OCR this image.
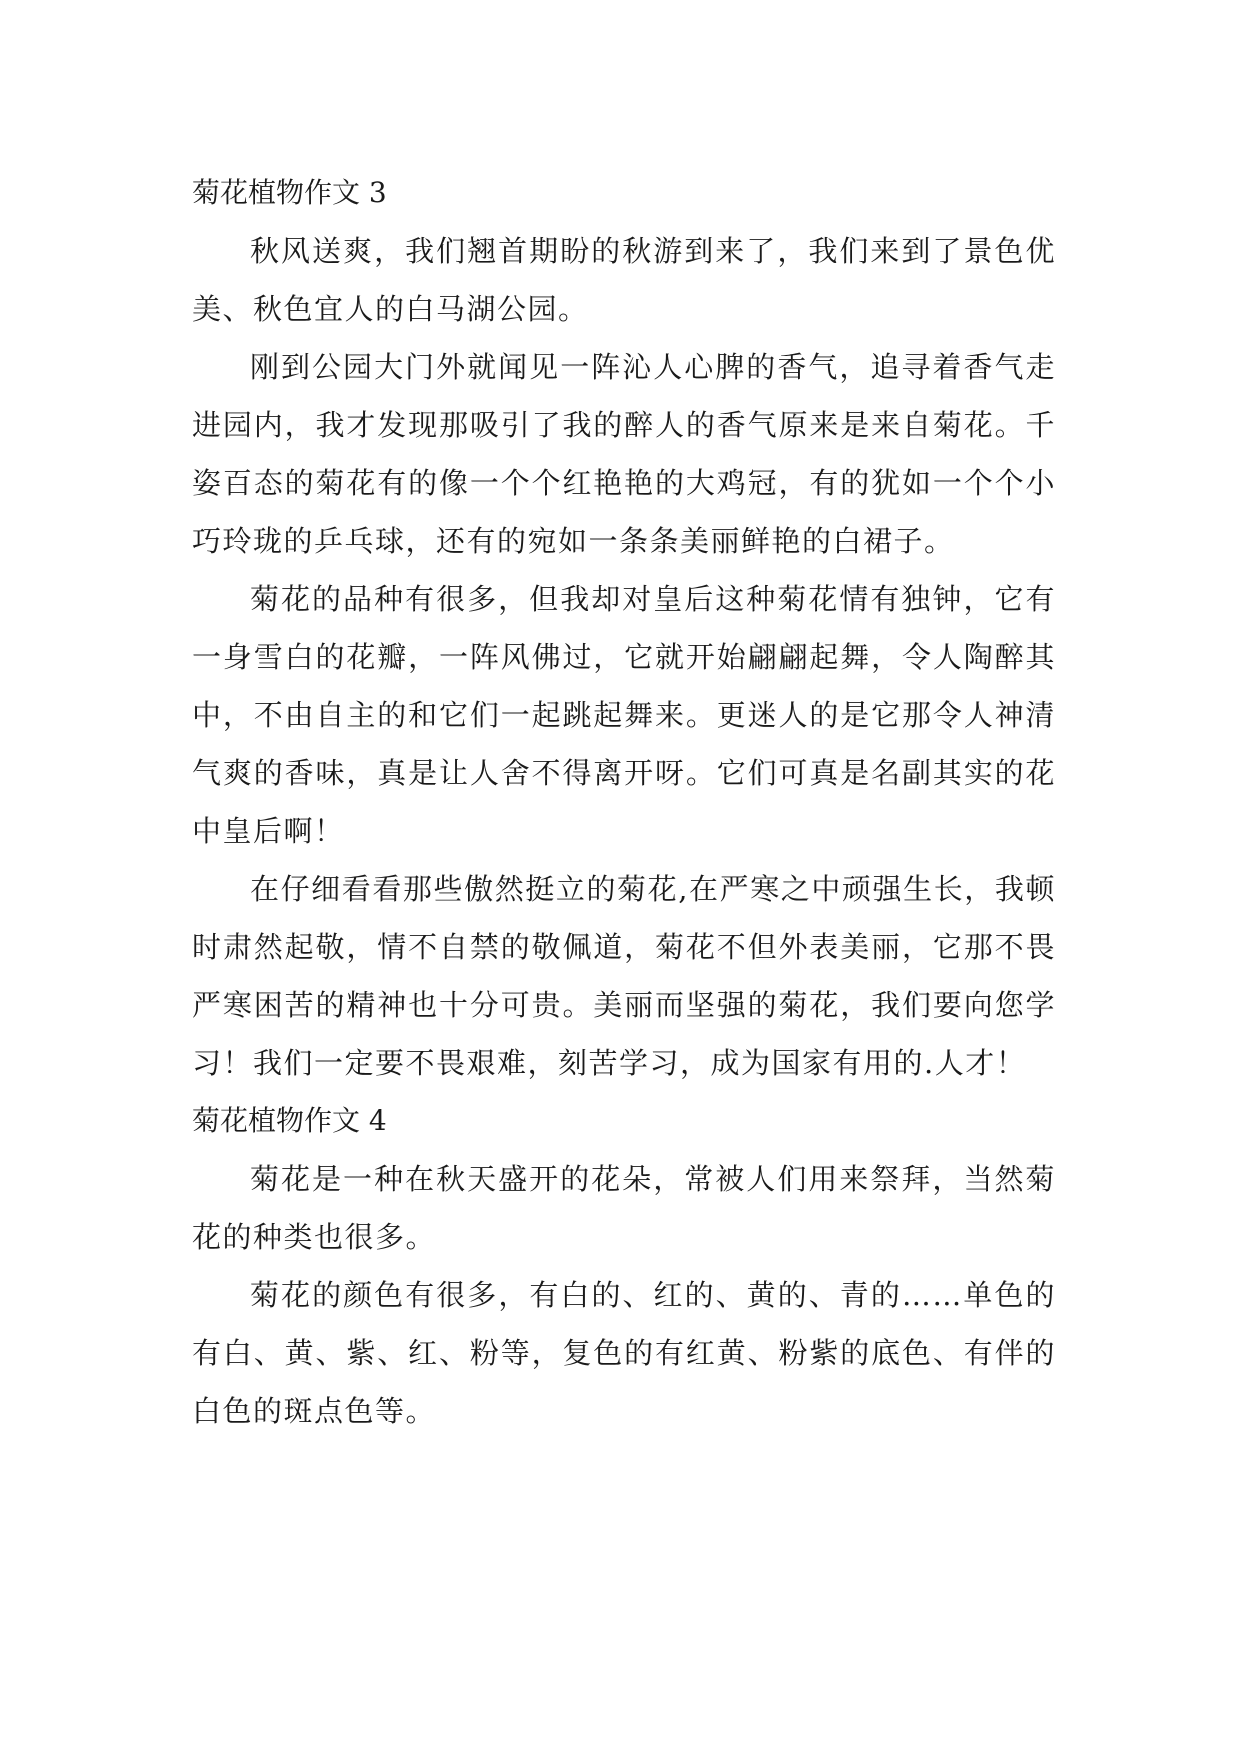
菊花植物作文 3

秋风送爽，我们翘首期盼的秋游到来了，我们来到了景色优美、秋色宜人的白马湖公园。

刚到公园大门外就闻见一阵沁人心脾的香气，追寻着香气走进园内，我才发现那吸引了我的醉人的香气原来是来自菊花。千姿百态的菊花有的像一个个红艳艳的大鸡冠，有的犹如一个个小巧玲珑的乒乓球，还有的宛如一条条美丽鲜艳的白裙子。

菊花的品种有很多，但我却对皇后这种菊花情有独钟，它有一身雪白的花瓣，一阵风佛过，它就开始翩翩起舞，令人陶醉其中，不由自主的和它们一起跳起舞来。更迷人的是它那令人神清气爽的香味，真是让人舍不得离开呀。它们可真是名副其实的花中皇后啊！

在仔细看看那些傲然挺立的菊花,在严寒之中顽强生长，我顿时肃然起敬，情不自禁的敬佩道，菊花不但外表美丽，它那不畏严寒困苦的精神也十分可贵。美丽而坚强的菊花，我们要向您学习！我们一定要不畏艰难，刻苦学习，成为国家有用的.人才！

菊花植物作文 4

菊花是一种在秋天盛开的花朵，常被人们用来祭拜，当然菊花的种类也很多。

菊花的颜色有很多，有白的、红的、黄的、青的……单色的有白、黄、紫、红、粉等，复色的有红黄、粉紫的底色、有伴的白色的斑点色等。
